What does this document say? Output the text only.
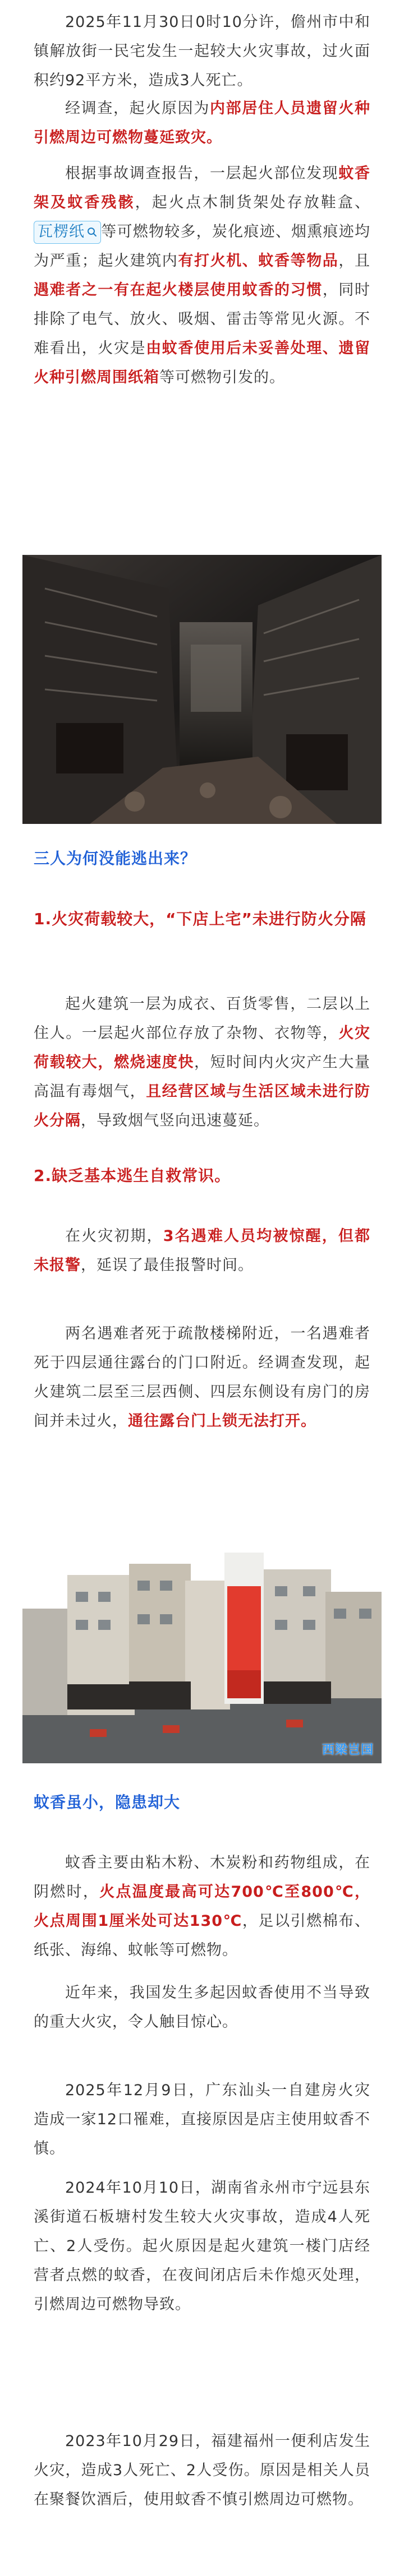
2025年11月30日0时10分许，儋州市中和镇解放街一民宅发生一起较大火灾事故，过火面积约92平方米，造成3人死亡。

经调查，起火原因为内部居住人员遗留火种引燃周边可燃物蔓延致灾。

根据事故调查报告，一层起火部位发现蚊香架及蚊香残骸，起火点木制货架处存放鞋盒、瓦楞纸 等可燃物较多，炭化痕迹、烟熏痕迹均为严重；起火建筑内有打火机、蚊香等物品，且遇难者之一有在起火楼层使用蚊香的习惯，同时排除了电气、放火、吸烟、雷击等常见火源。不难看出，火灾是由蚊香使用后未妥善处理、遗留火种引燃周围纸箱等可燃物引发的。

三人为何没能逃出来？
1.火灾荷载较大，“下店上宅”未进行防火分隔

起火建筑一层为成衣、百货零售，二层以上住人。一层起火部位存放了杂物、衣物等，火灾荷载较大，燃烧速度快，短时间内火灾产生大量高温有毒烟气，且经营区域与生活区域未进行防火分隔，导致烟气竖向迅速蔓延。

2.缺乏基本逃生自救常识。

在火灾初期，3名遇难人员均被惊醒，但都未报警，延误了最佳报警时间。

两名遇难者死于疏散楼梯附近，一名遇难者死于四层通往露台的门口附近。经调查发现，起火建筑二层至三层西侧、四层东侧设有房门的房间并未过火，通往露台门上锁无法打开。

西梁岂国
蚊香虽小，隐患却大

蚊香主要由粘木粉、木炭粉和药物组成，在阴燃时，火点温度最高可达700℃至800℃，火点周围1厘米处可达130℃，足以引燃棉布、纸张、海绵、蚊帐等可燃物。

近年来，我国发生多起因蚊香使用不当导致的重大火灾，令人触目惊心。

2025年12月9日，广东汕头一自建房火灾造成一家12口罹难，直接原因是店主使用蚊香不慎。

2024年10月10日，湖南省永州市宁远县东溪街道石板塘村发生较大火灾事故，造成4人死亡、2人受伤。起火原因是起火建筑一楼门店经营者点燃的蚊香，在夜间闭店后未作熄灭处理，引燃周边可燃物导致。

2023年10月29日，福建福州一便利店发生火灾，造成3人死亡、2人受伤。原因是相关人员在聚餐饮酒后，使用蚊香不慎引燃周边可燃物。
